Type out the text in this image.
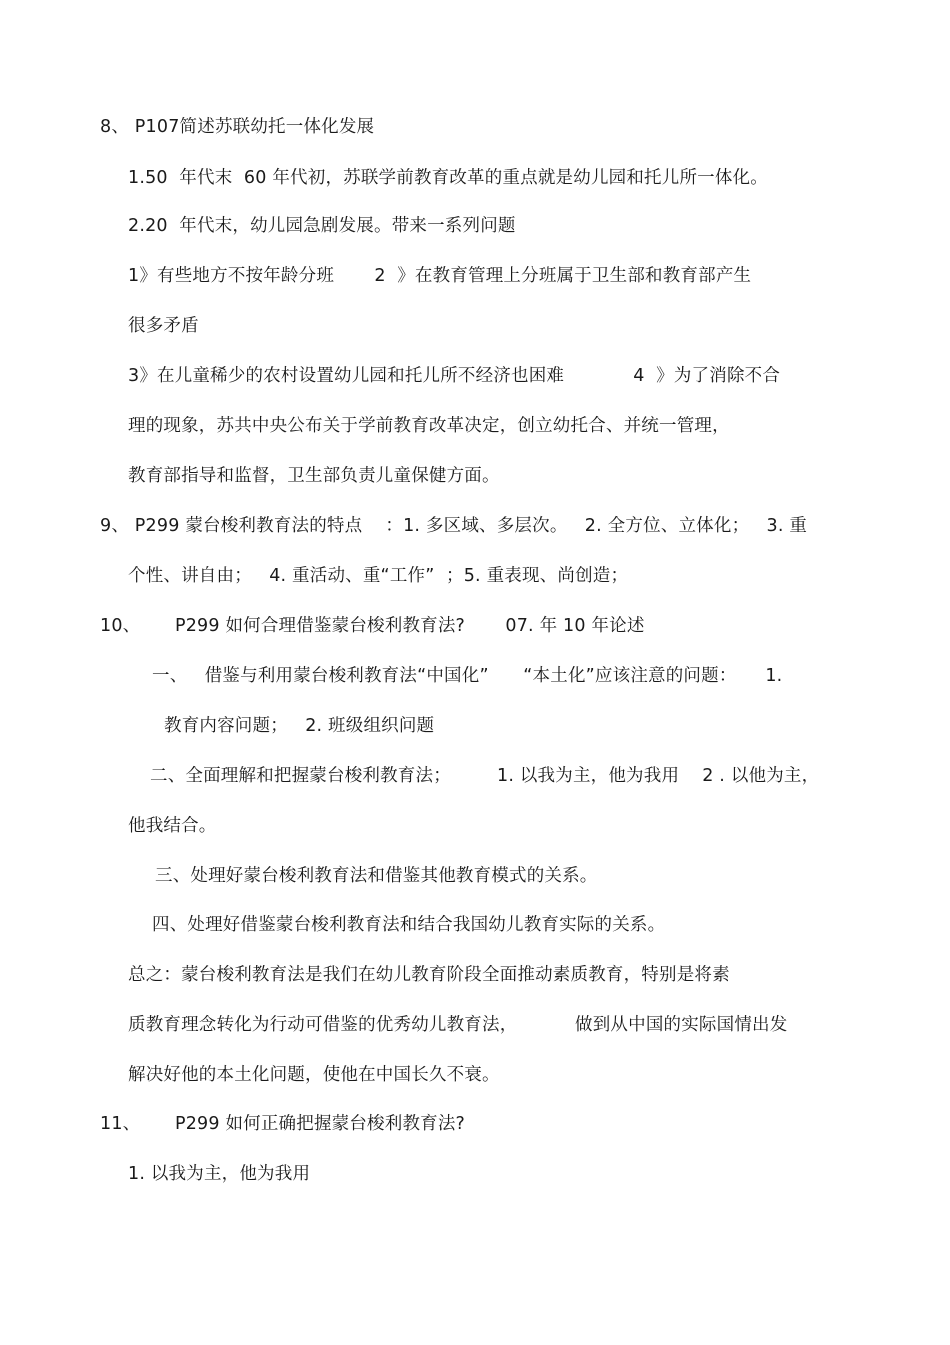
8、 P107简述苏联幼托一体化发展
1.50  年代末  60 年代初，苏联学前教育改革的重点就是幼儿园和托儿所一体化。
2.20  年代末，幼儿园急剧发展。带来一系列问题
1》有些地方不按年龄分班       2  》在教育管理上分班属于卫生部和教育部产生
很多矛盾
3》在儿童稀少的农村设置幼儿园和托儿所不经济也困难            4  》为了消除不合
理的现象，苏共中央公布关于学前教育改革决定，创立幼托合、并统一管理，
教育部指导和监督，卫生部负责儿童保健方面。
9、 P299 蒙台梭利教育法的特点    ：1. 多区域、多层次。   2. 全方位、立体化；   3. 重
个性、讲自由；   4. 重活动、重“工作”  ；5. 重表现、尚创造；
10、      P299 如何合理借鉴蒙台梭利教育法?       07. 年 10 年论述
一、   借鉴与利用蒙台梭利教育法“中国化”      “本土化”应该注意的问题：     1.
教育内容问题；   2. 班级组织问题
二、全面理解和把握蒙台梭利教育法；        1. 以我为主，他为我用    2 . 以他为主，
他我结合。
三、处理好蒙台梭利教育法和借鉴其他教育模式的关系。
四、处理好借鉴蒙台梭利教育法和结合我国幼儿教育实际的关系。
总之：蒙台梭利教育法是我们在幼儿教育阶段全面推动素质教育，特别是将素
质教育理念转化为行动可借鉴的优秀幼儿教育法，          做到从中国的实际国情出发
解决好他的本土化问题，使他在中国长久不衰。
11、      P299 如何正确把握蒙台梭利教育法?
1. 以我为主，他为我用
